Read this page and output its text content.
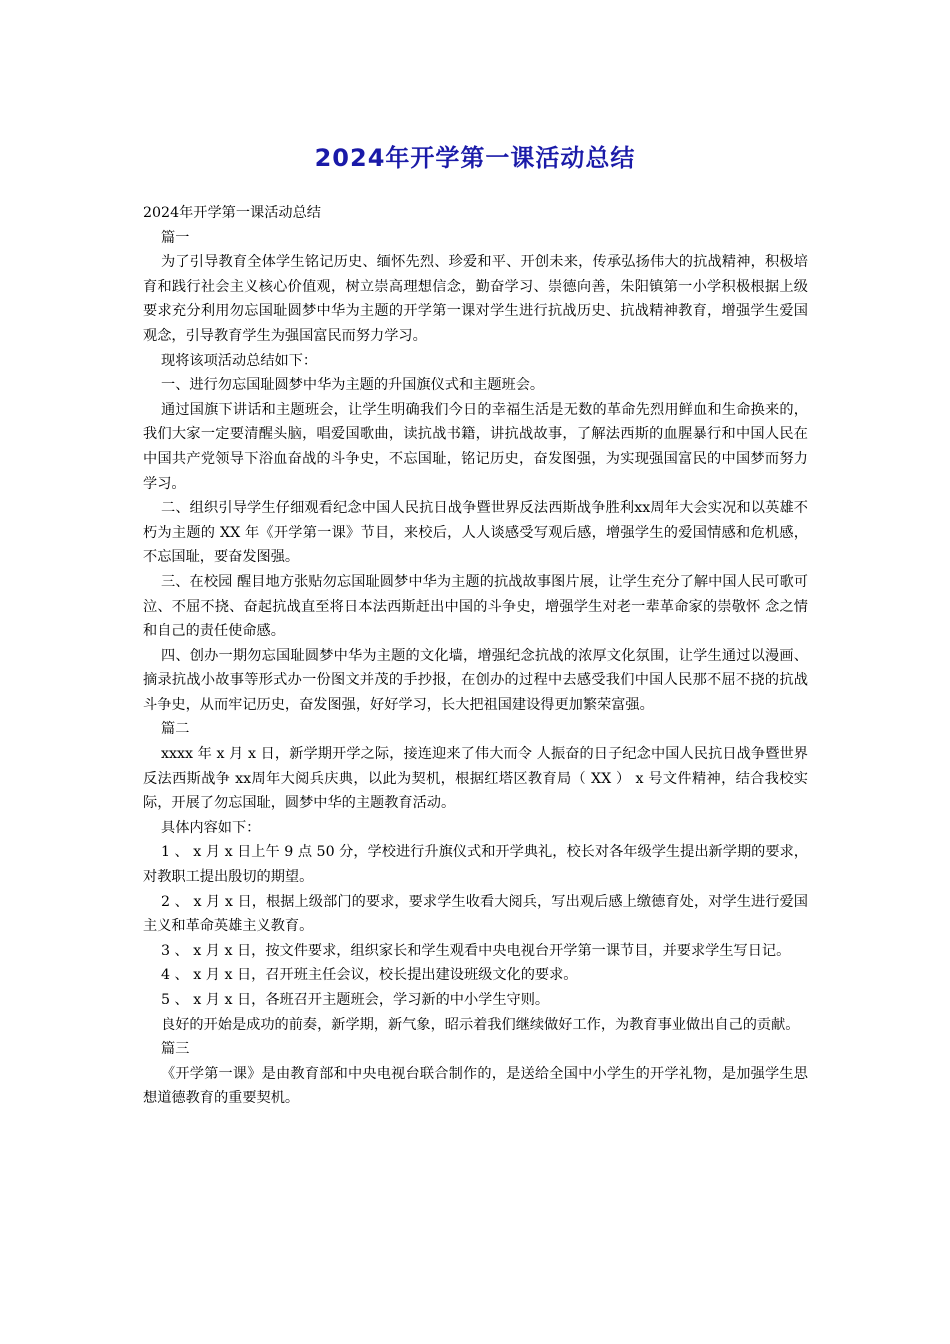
2024年开学第一课活动总结

2024年开学第一课活动总结

篇一

为了引导教育全体学生铭记历史、缅怀先烈、珍爱和平、开创未来，传承弘扬伟大的抗战精神，积极培育和践行社会主义核心价值观，树立崇高理想信念，勤奋学习、崇德向善，朱阳镇第一小学积极根据上级要求充分利用勿忘国耻圆梦中华为主题的开学第一课对学生进行抗战历史、抗战精神教育，增强学生爱国观念，引导教育学生为强国富民而努力学习。

现将该项活动总结如下：

一、进行勿忘国耻圆梦中华为主题的升国旗仪式和主题班会。

通过国旗下讲话和主题班会，让学生明确我们今日的幸福生活是无数的革命先烈用鲜血和生命换来的，我们大家一定要清醒头脑，唱爱国歌曲，读抗战书籍，讲抗战故事，了解法西斯的血腥暴行和中国人民在中国共产党领导下浴血奋战的斗争史，不忘国耻，铭记历史，奋发图强，为实现强国富民的中国梦而努力学习。

二、组织引导学生仔细观看纪念中国人民抗日战争暨世界反法西斯战争胜利xx周年大会实况和以英雄不朽为主题的 XX 年《开学第一课》节目，来校后，人人谈感受写观后感，增强学生的爱国情感和危机感，不忘国耻，要奋发图强。

三、在校园 醒目地方张贴勿忘国耻圆梦中华为主题的抗战故事图片展，让学生充分了解中国人民可歌可泣、不屈不挠、奋起抗战直至将日本法西斯赶出中国的斗争史，增强学生对老一辈革命家的崇敬怀 念之情和自己的责任使命感。

四、创办一期勿忘国耻圆梦中华为主题的文化墙，增强纪念抗战的浓厚文化氛围，让学生通过以漫画、摘录抗战小故事等形式办一份图文并茂的手抄报，在创办的过程中去感受我们中国人民那不屈不挠的抗战斗争史，从而牢记历史，奋发图强，好好学习，长大把祖国建设得更加繁荣富强。

篇二

xxxx 年 x 月 x 日，新学期开学之际，接连迎来了伟大而令 人振奋的日子纪念中国人民抗日战争暨世界反法西斯战争 xx周年大阅兵庆典，以此为契机，根据红塔区教育局（ XX ） x 号文件精神，结合我校实际，开展了勿忘国耻，圆梦中华的主题教育活动。

具体内容如下：

1 、 x 月 x 日上午 9 点 50 分，学校进行升旗仪式和开学典礼，校长对各年级学生提出新学期的要求，对教职工提出殷切的期望。

2 、 x 月 x 日，根据上级部门的要求，要求学生收看大阅兵，写出观后感上缴德育处，对学生进行爱国主义和革命英雄主义教育。

3 、 x 月 x 日，按文件要求，组织家长和学生观看中央电视台开学第一课节目，并要求学生写日记。

4 、 x 月 x 日，召开班主任会议，校长提出建设班级文化的要求。

5 、 x 月 x 日，各班召开主题班会，学习新的中小学生守则。

良好的开始是成功的前奏，新学期，新气象，昭示着我们继续做好工作，为教育事业做出自己的贡献。

篇三

《开学第一课》是由教育部和中央电视台联合制作的，是送给全国中小学生的开学礼物，是加强学生思想道德教育的重要契机。
